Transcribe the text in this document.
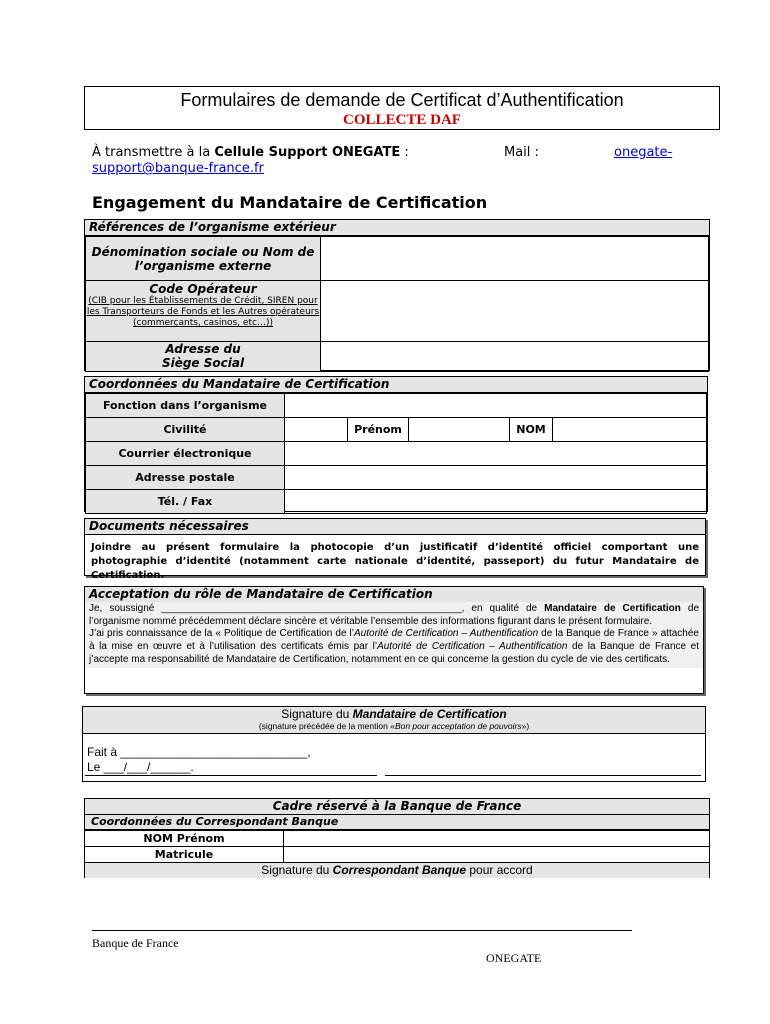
Formulaires de demande de Certificat d’Authentification
COLLECTE DAF
À transmettre à la Cellule Support ONEGATE :	Mail :	onegate-

support@banque-france.fr
Engagement du Mandataire de Certification
Références de l’organisme extérieur
Dénomination sociale ou Nom de l’organisme externe	

Code Opérateur
(CIB pour les Établissements de Crédit, SIREN pour les Transporteurs de Fonds et les Autres opérateurs (commerçants, casinos, etc…))	

Adresse du Siège Social	
Coordonnées du Mandataire de Certification
Fonction dans l’organisme					
Civilité		Prénom		NOM	
Courrier électronique					
Adresse postale					
Tél. / Fax					
Documents nécessaires
Joindre au présent formulaire la photocopie d’un justificatif d’identité officiel comportant une photographie d’identité (notamment carte nationale d’identité, passeport) du futur Mandataire de Certification.
Acceptation du rôle de Mandataire de Certification
Je, soussigné ______________________________________________________, en qualité de Mandataire de Certification de l’organisme nommé précédemment déclare sincère et véritable l’ensemble des informations figurant dans le présent formulaire.
J’ai pris connaissance de la « Politique de Certification de l’Autorité de Certification – Authentification de la Banque de France » attachée à la mise en œuvre et à l’utilisation des certificats émis par l’Autorité de Certification – Authentification de la Banque de France et j’accepte ma responsabilité de Mandataire de Certification, notamment en ce qui concerne la gestion du cycle de vie des certificats.
Signature du Mandataire de Certification
(signature précédée de la mention «Bon pour acceptation de pouvoirs»)
Fait à ____________________________,
Le ___/___/______.
Cadre réservé à la Banque de France
Coordonnées du Correspondant Banque
NOM Prénom	
Matricule	
Signature du Correspondant Banque pour accord
Banque de France
ONEGATE
